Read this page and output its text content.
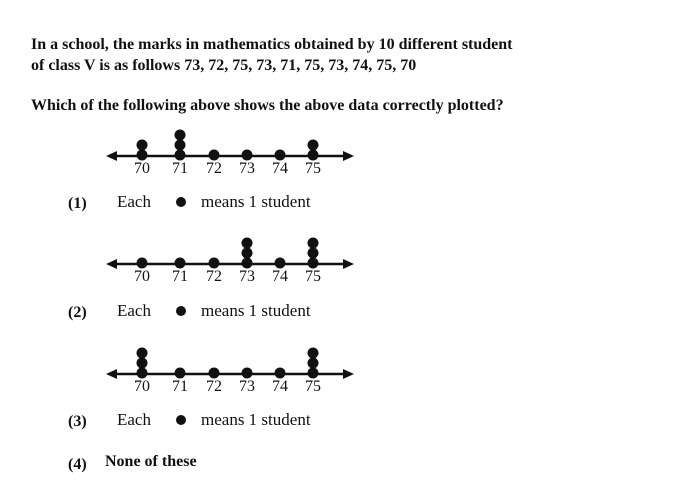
In a school, the marks in mathematics obtained by 10 different student
of class V is as follows 73, 72, 75, 73, 71, 75, 73, 74, 75, 70
Which of the following above shows the above data correctly plotted?
70	71	72	73	74	75
(1) Each	means 1 student
70	71	72	73	74	75
(2) Each	means 1 student
70	71	72	73	74	75
(3) Each	means 1 student
(4) None of these
